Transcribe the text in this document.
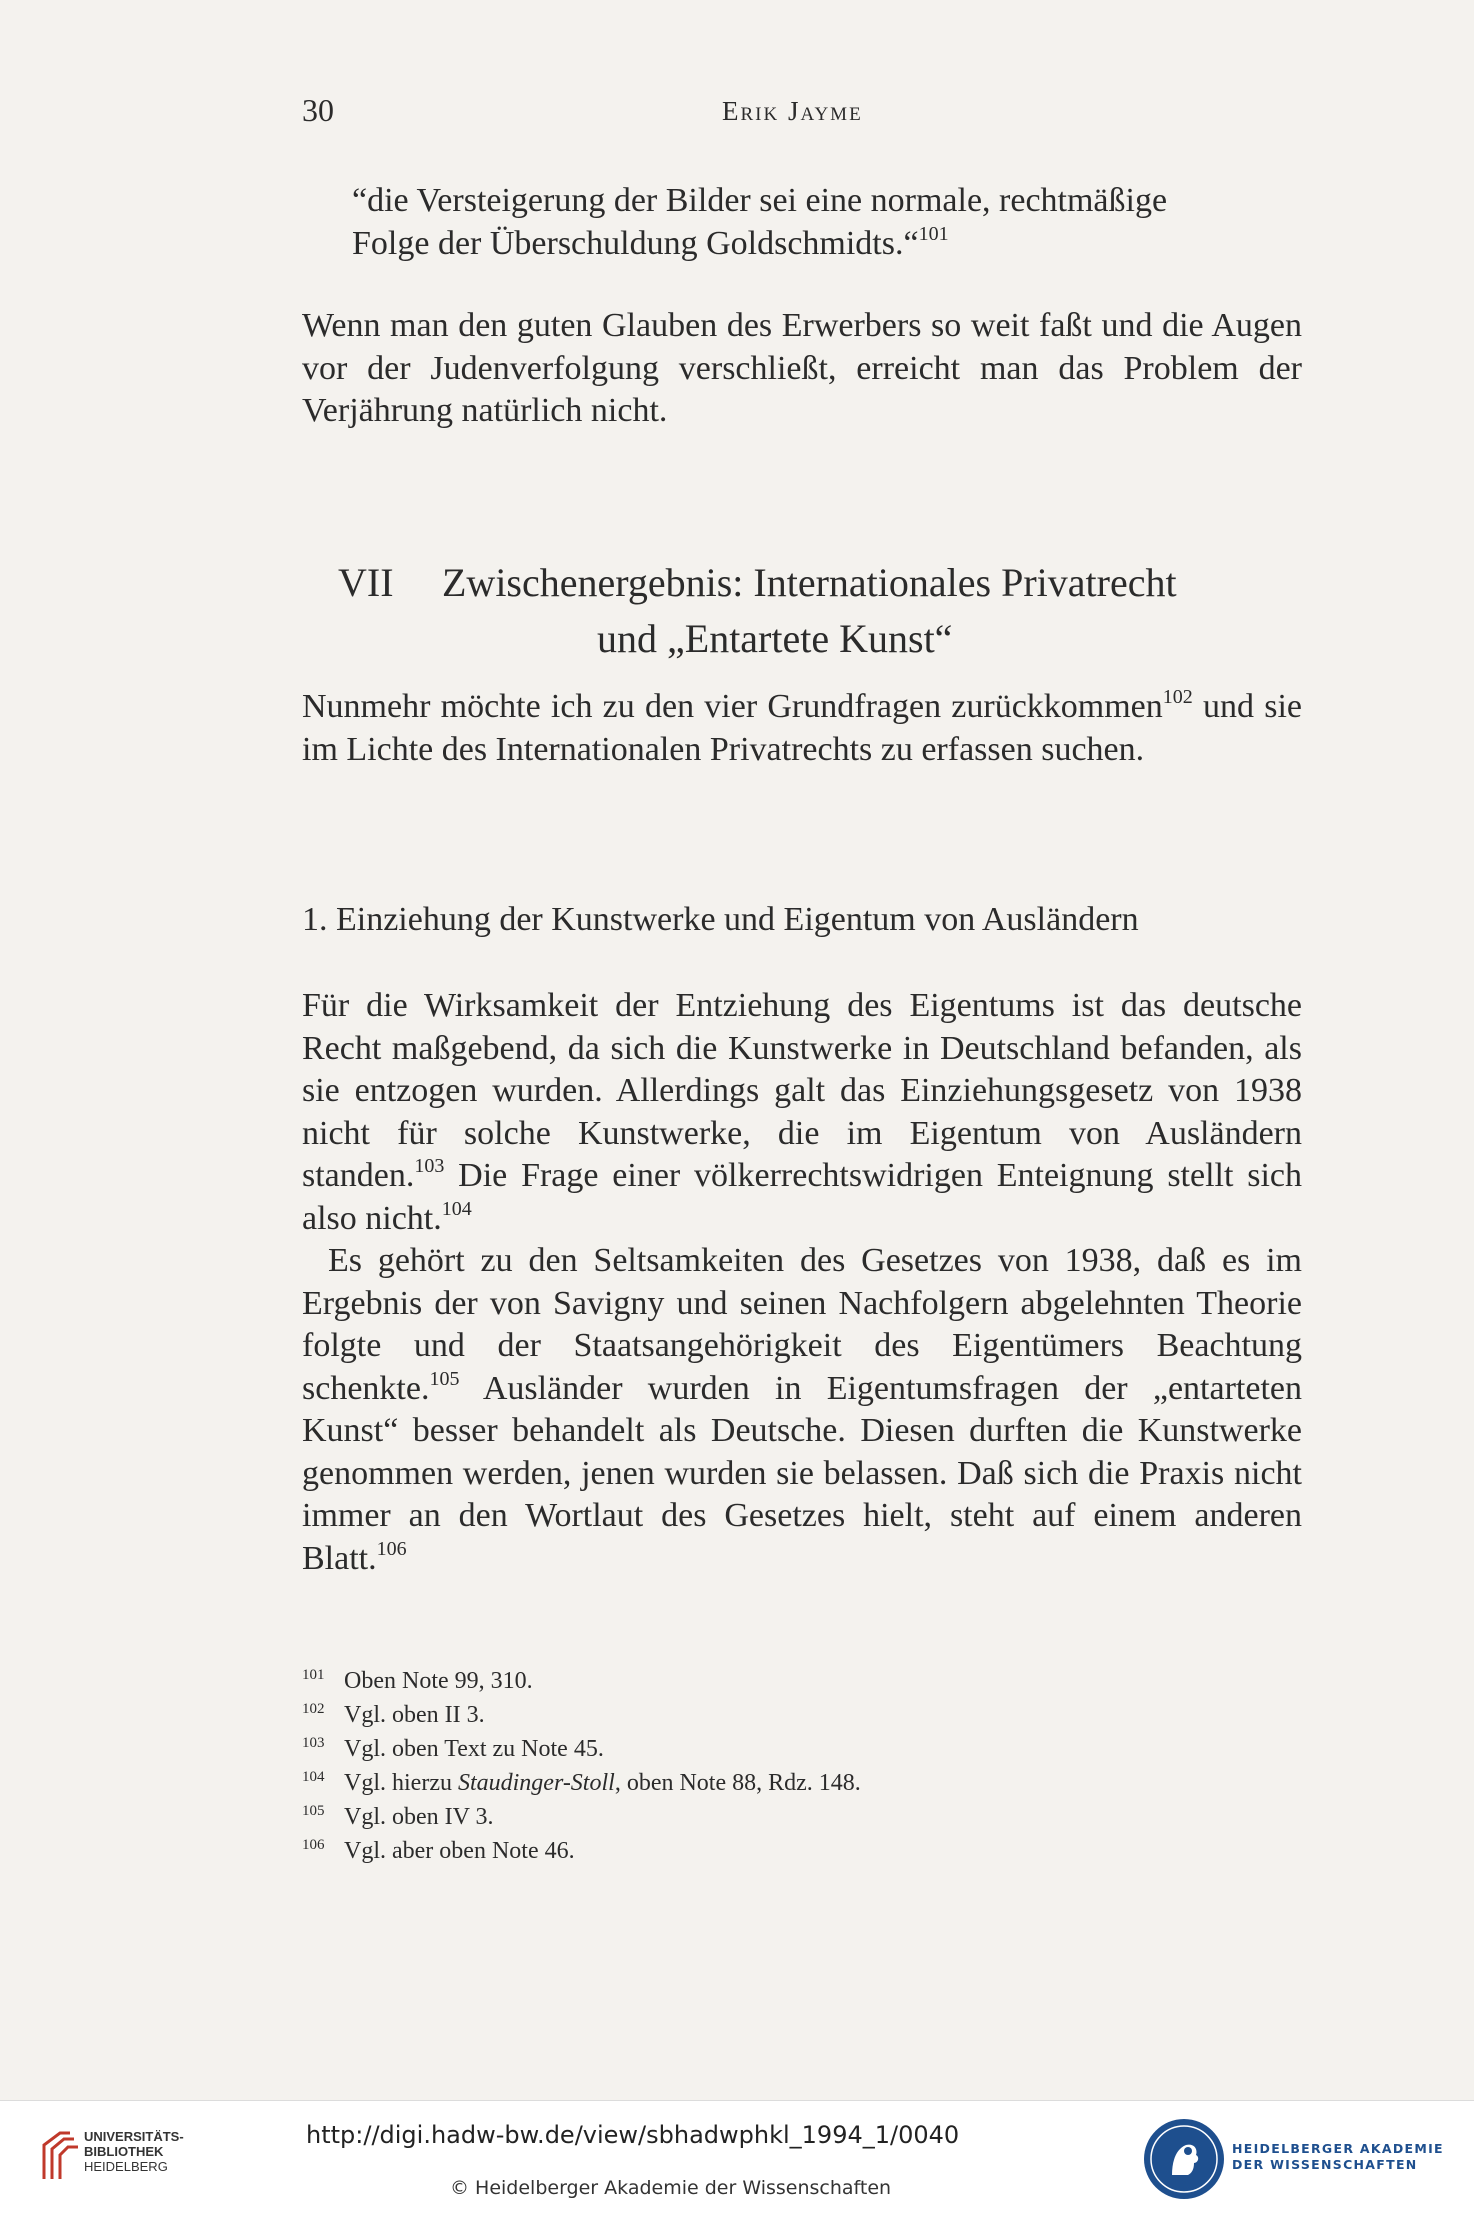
30	Erik Jayme

“die Versteigerung der Bilder sei eine normale, rechtmäßige

Folge der Überschuldung Goldschmidts.“$^{101}$

Wenn man den guten Glauben des Erwerbers so weit faßt und die Augen vor der Judenverfolgung verschließt, erreicht man das Problem der Verjährung natürlich nicht.

VII Zwischenergebnis: Internationales Privatrecht
und „Entartete Kunst“

Nunmehr möchte ich zu den vier Grundfragen zurückkommen$^{102}$ und sie im Lichte des Internationalen Privatrechts zu erfassen suchen.

1. Einziehung der Kunstwerke und Eigentum von Ausländern

Für die Wirksamkeit der Entziehung des Eigentums ist das deutsche Recht maßgebend, da sich die Kunstwerke in Deutschland befanden, als sie entzogen wurden. Allerdings galt das Einziehungsgesetz von 1938 nicht für solche Kunstwerke, die im Eigentum von Ausländern standen.$^{103}$ Die Frage einer völkerrechtswidrigen Enteignung stellt sich also nicht.$^{104}$

Es gehört zu den Seltsamkeiten des Gesetzes von 1938, daß es im Ergebnis der von Savigny und seinen Nachfolgern abgelehnten Theorie folgte und der Staatsangehörigkeit des Eigentümers Beachtung schenkte.$^{105}$ Ausländer wurden in Eigentumsfragen der „entarteten Kunst“ besser behandelt als Deutsche. Diesen durften die Kunstwerke genommen werden, jenen wurden sie belassen. Daß sich die Praxis nicht immer an den Wortlaut des Gesetzes hielt, steht auf einem anderen Blatt.$^{106}$

101 Oben Note 99, 310.
102 Vgl. oben II 3.
103 Vgl. oben Text zu Note 45.
104 Vgl. hierzu Staudinger-Stoll, oben Note 88, Rdz. 148.
105 Vgl. oben IV 3.
106 Vgl. aber oben Note 46.
UNIVERSITÄTS-
BIBLIOTHEK
HEIDELBERG
http://digi.hadw-bw.de/view/sbhadwphkl_1994_1/0040
© Heidelberger Akademie der Wissenschaften
HEIDELBERGER AKADEMIE
DER WISSENSCHAFTEN
